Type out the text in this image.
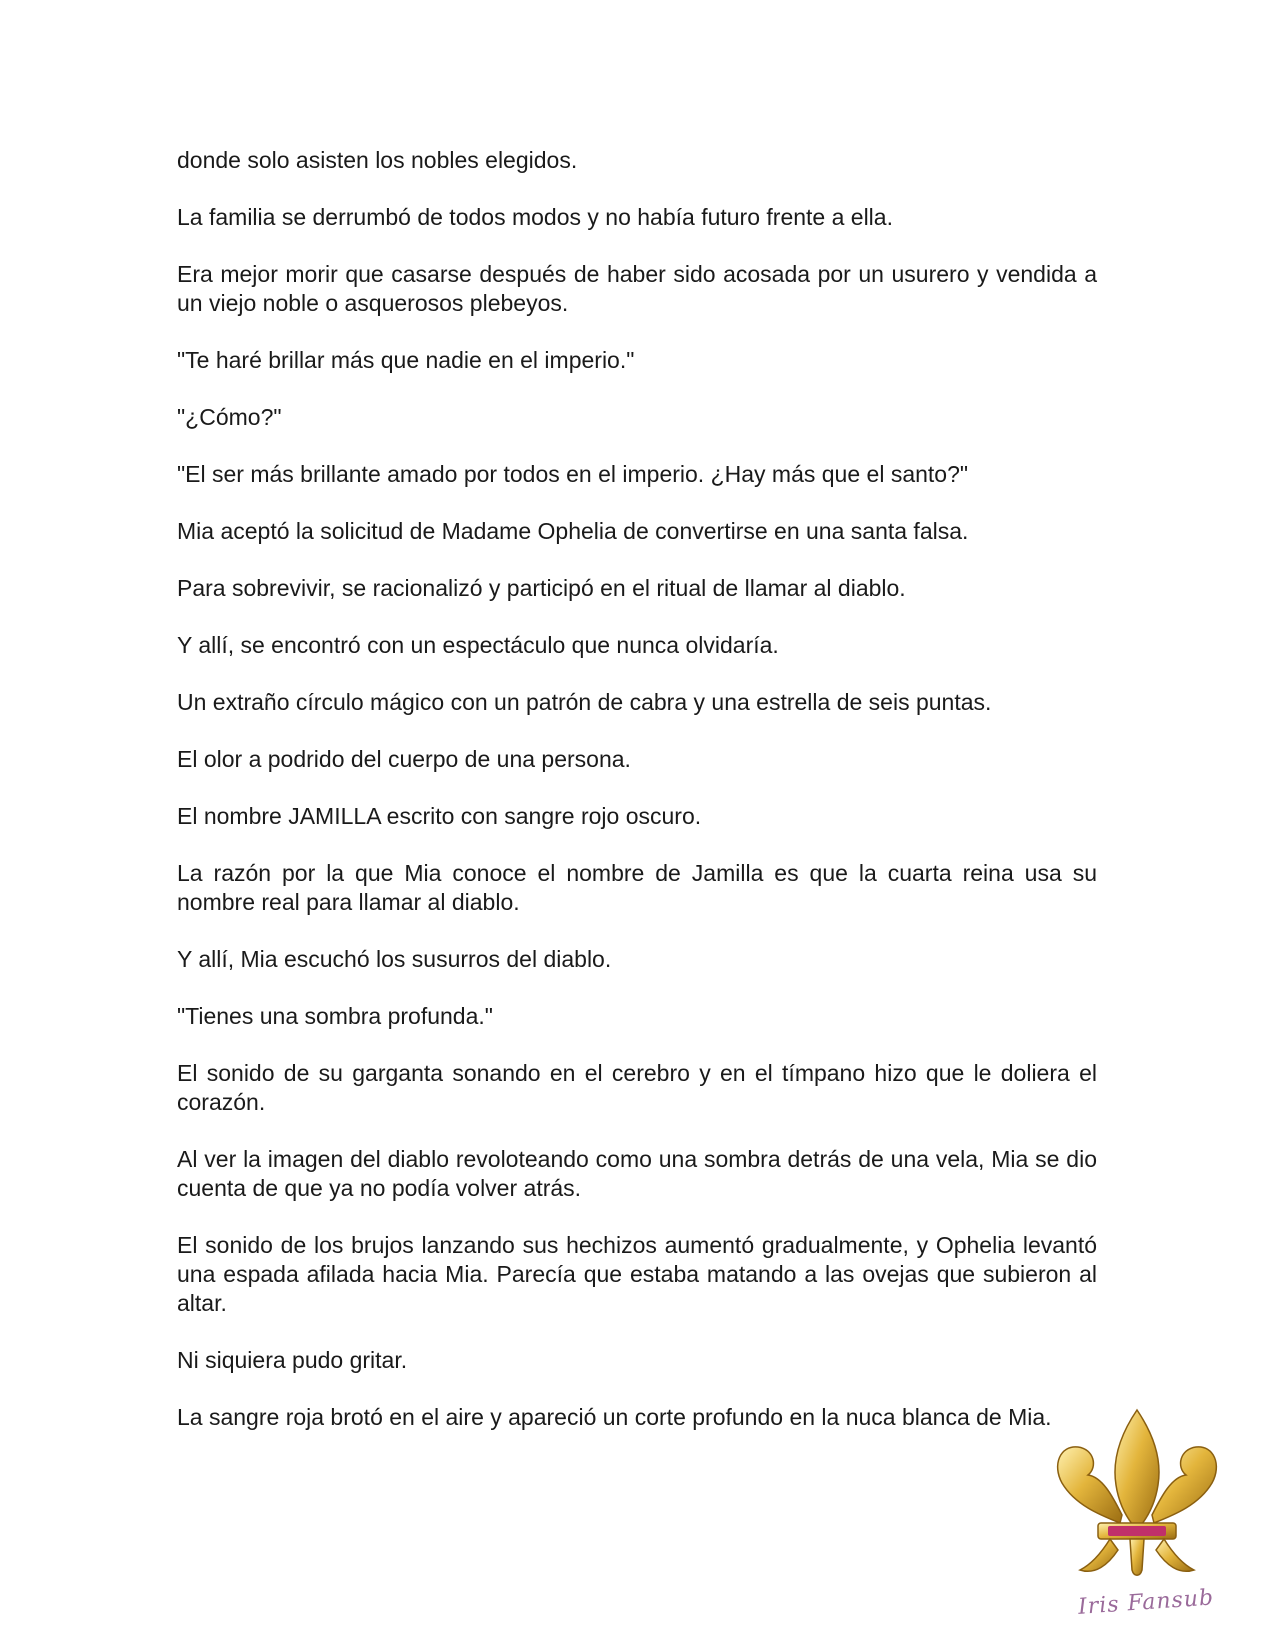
donde solo asisten los nobles elegidos.

La familia se derrumbó de todos modos y no había futuro frente a ella.

Era mejor morir que casarse después de haber sido acosada por un usurero y vendida a un viejo noble o asquerosos plebeyos.

"Te haré brillar más que nadie en el imperio."

"¿Cómo?"

"El ser más brillante amado por todos en el imperio. ¿Hay más que el santo?"

Mia aceptó la solicitud de Madame Ophelia de convertirse en una santa falsa.

Para sobrevivir, se racionalizó y participó en el ritual de llamar al diablo.

Y allí, se encontró con un espectáculo que nunca olvidaría.

Un extraño círculo mágico con un patrón de cabra y una estrella de seis puntas.

El olor a podrido del cuerpo de una persona.

El nombre JAMILLA escrito con sangre rojo oscuro.

La razón por la que Mia conoce el nombre de Jamilla es que la cuarta reina usa su nombre real para llamar al diablo.

Y allí, Mia escuchó los susurros del diablo.

"Tienes una sombra profunda."

El sonido de su garganta sonando en el cerebro y en el tímpano hizo que le doliera el corazón.

Al ver la imagen del diablo revoloteando como una sombra detrás de una vela, Mia se dio cuenta de que ya no podía volver atrás.

El sonido de los brujos lanzando sus hechizos aumentó gradualmente, y Ophelia levantó una espada afilada hacia Mia. Parecía que estaba matando a las ovejas que subieron al altar.

Ni siquiera pudo gritar.

La sangre roja brotó en el aire y apareció un corte profundo en la nuca blanca de Mia.

Iris Fansub
